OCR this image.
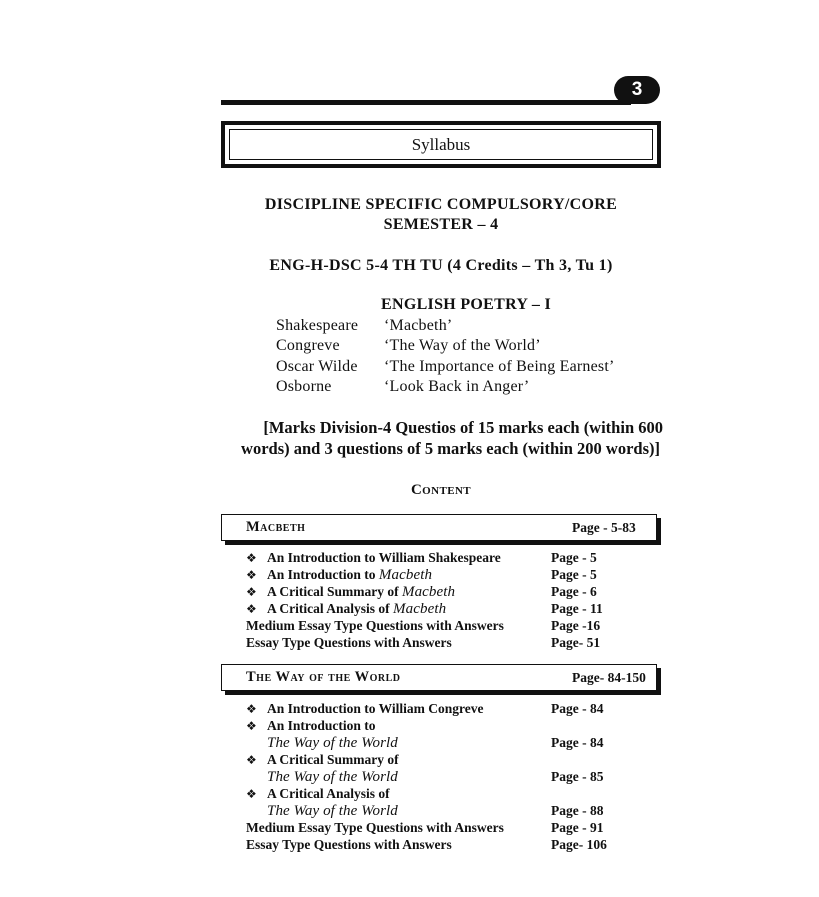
3
Syllabus
DISCIPLINE SPECIFIC COMPULSORY/CORE
SEMESTER – 4
ENG-H-DSC 5-4 TH TU (4 Credits – Th 3, Tu 1)
ENGLISH POETRY – I
Shakespeare	‘Macbeth’
Congreve	‘The Way of the World’
Oscar Wilde	‘The Importance of Being Earnest’
Osborne	‘Look Back in Anger’
[Marks Division-4 Questios of 15 marks each (within 600
words) and 3 questions of 5 marks each (within 200 words)]
Content
Macbeth	Page - 5-83
❖ An Introduction to William Shakespeare	Page - 5
❖ An Introduction to Macbeth	Page - 5
❖ A Critical Summary of Macbeth	Page - 6
❖ A Critical Analysis of Macbeth	Page - 11
Medium Essay Type Questions with Answers	Page -16
Essay Type Questions with Answers	Page- 51
The Way of the World	Page- 84-150
❖ An Introduction to William Congreve	Page - 84
❖ An Introduction to
The Way of the World	Page - 84
❖ A Critical Summary of
The Way of the World	Page - 85
❖ A Critical Analysis of
The Way of the World	Page - 88
Medium Essay Type Questions with Answers	Page - 91
Essay Type Questions with Answers	Page- 106
